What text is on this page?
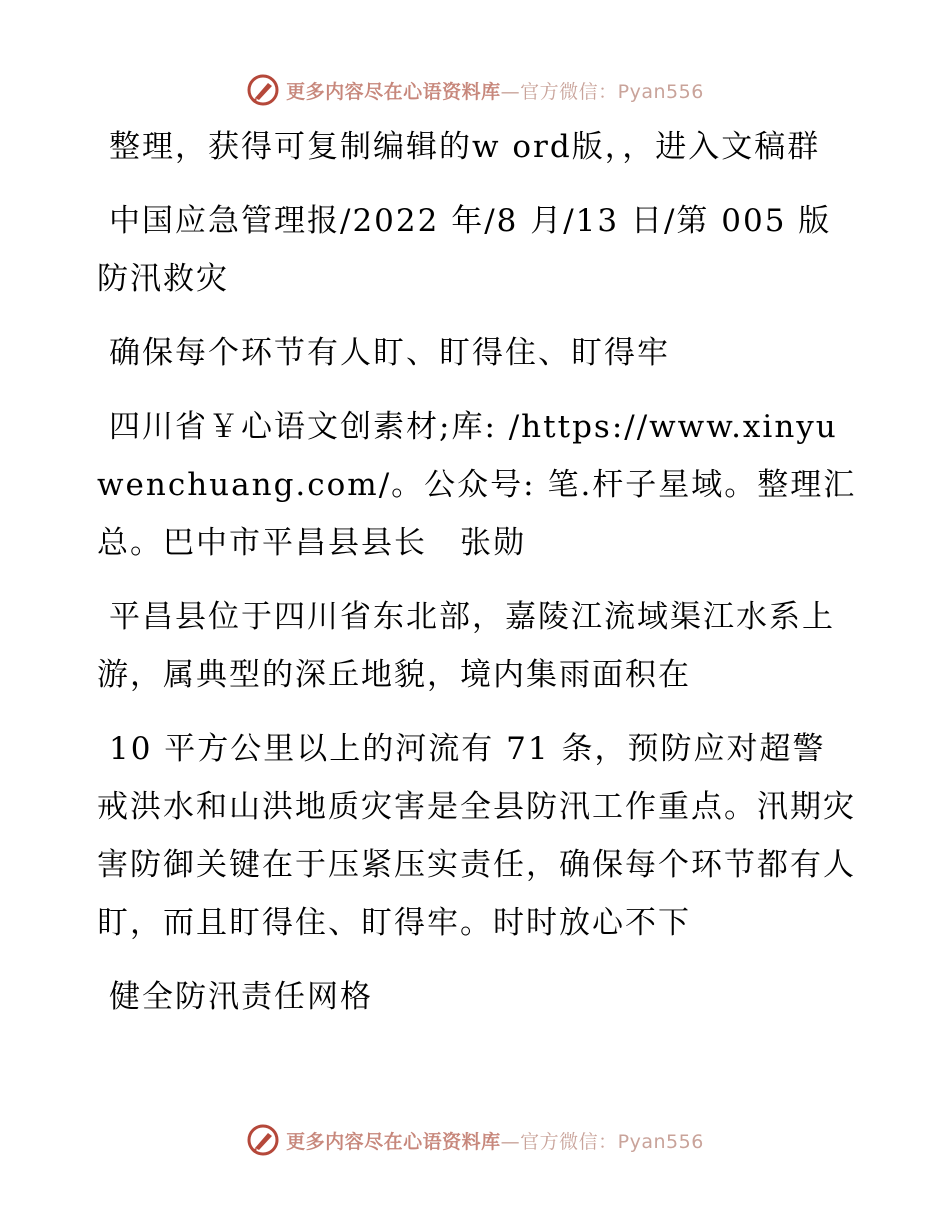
更多内容尽在心语资料库—官方微信：Pyan556

整理，获得可复制编辑的w ord版，，进入文稿群

中国应急管理报/2022 年/8 月/13 日/第 005 版防汛救灾

确保每个环节有人盯、盯得住、盯得牢

四川省￥心语文创素材;库: /https://www.xinyuwenchuang.com/。公众号: 笔.杆子星域。整理汇总。巴中市平昌县县长　张勋

平昌县位于四川省东北部，嘉陵江流域渠江水系上游，属典型的深丘地貌，境内集雨面积在

10 平方公里以上的河流有 71 条，预防应对超警戒洪水和山洪地质灾害是全县防汛工作重点。汛期灾害防御关键在于压紧压实责任，确保每个环节都有人盯，而且盯得住、盯得牢。时时放心不下

健全防汛责任网格

更多内容尽在心语资料库—官方微信：Pyan556
